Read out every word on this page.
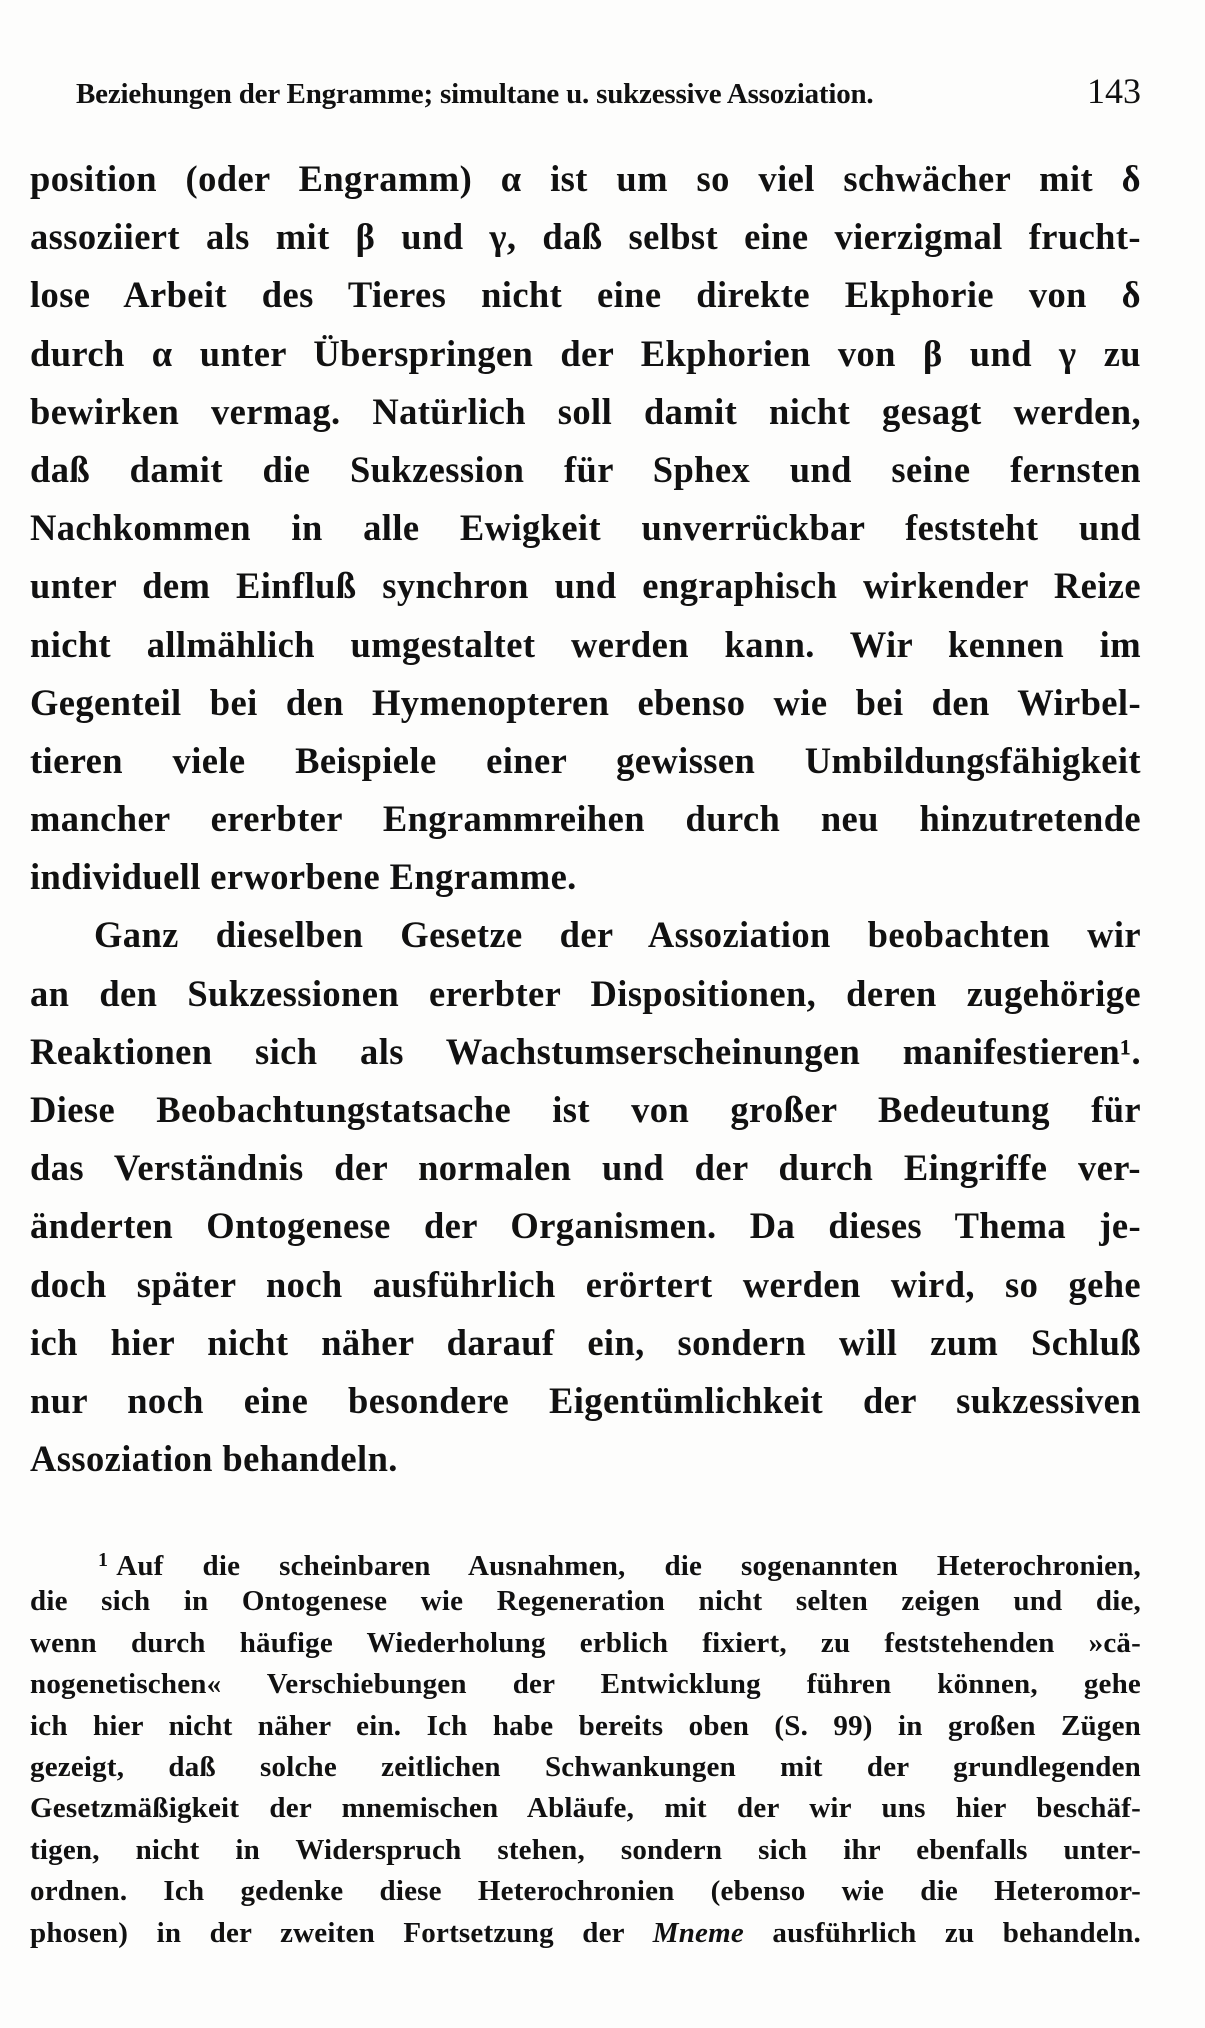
Beziehungen der Engramme; simultane u. sukzessive Assoziation.	143
position (oder Engramm) α ist um so viel schwächer mit δ
assoziiert als mit β und γ, daß selbst eine vierzigmal frucht-
lose Arbeit des Tieres nicht eine direkte Ekphorie von δ
durch α unter Überspringen der Ekphorien von β und γ zu
bewirken vermag. Natürlich soll damit nicht gesagt werden,
daß damit die Sukzession für Sphex und seine fernsten
Nachkommen in alle Ewigkeit unverrückbar feststeht und
unter dem Einfluß synchron und engraphisch wirkender Reize
nicht allmählich umgestaltet werden kann. Wir kennen im
Gegenteil bei den Hymenopteren ebenso wie bei den Wirbel-
tieren viele Beispiele einer gewissen Umbildungsfähigkeit
mancher ererbter Engrammreihen durch neu hinzutretende
individuell erworbene Engramme.
Ganz dieselben Gesetze der Assoziation beobachten wir
an den Sukzessionen ererbter Dispositionen, deren zugehörige
Reaktionen sich als Wachstumserscheinungen manifestieren¹.
Diese Beobachtungstatsache ist von großer Bedeutung für
das Verständnis der normalen und der durch Eingriffe ver-
änderten Ontogenese der Organismen. Da dieses Thema je-
doch später noch ausführlich erörtert werden wird, so gehe
ich hier nicht näher darauf ein, sondern will zum Schluß
nur noch eine besondere Eigentümlichkeit der sukzessiven
Assoziation behandeln.
$^1$ Auf die scheinbaren Ausnahmen, die sogenannten Heterochronien,
die sich in Ontogenese wie Regeneration nicht selten zeigen und die,
wenn durch häufige Wiederholung erblich fixiert, zu feststehenden »cä-
nogenetischen« Verschiebungen der Entwicklung führen können, gehe
ich hier nicht näher ein. Ich habe bereits oben (S. 99) in großen Zügen
gezeigt, daß solche zeitlichen Schwankungen mit der grundlegenden
Gesetzmäßigkeit der mnemischen Abläufe, mit der wir uns hier beschäf-
tigen, nicht in Widerspruch stehen, sondern sich ihr ebenfalls unter-
ordnen. Ich gedenke diese Heterochronien (ebenso wie die Heteromor-
phosen) in der zweiten Fortsetzung der Mneme ausführlich zu behandeln.
